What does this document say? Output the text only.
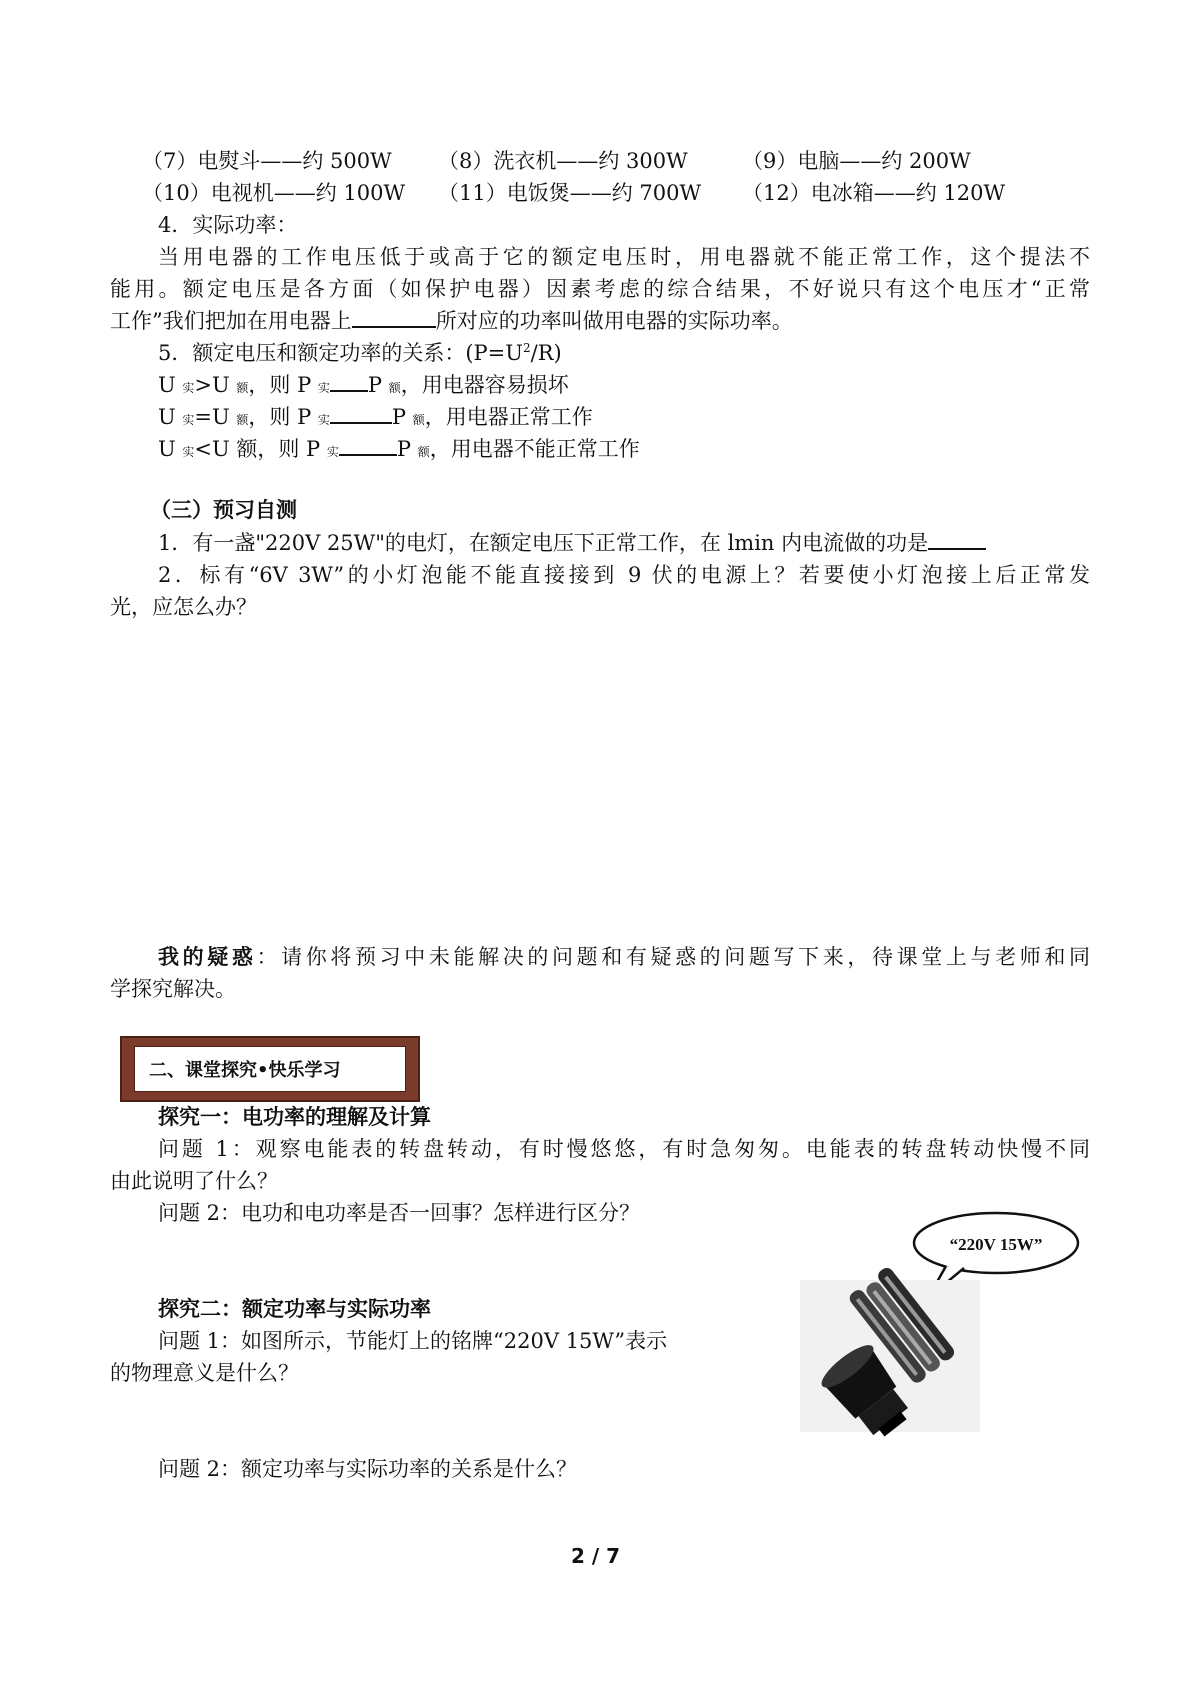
（7）电熨斗——约 500W （8）洗衣机——约 300W	（9）电脑——约 200W
（10）电视机——约 100W （11）电饭煲——约 700W （12）电冰箱——约 120W
4．实际功率：
当用电器的工作电压低于或高于它的额定电压时，用电器就不能正常工作，这个提法不
能用。额定电压是各方面（如保护电器）因素考虑的综合结果，不好说只有这个电压才“正常
工作”我们把加在用电器上	所对应的功率叫做用电器的实际功率。
5．额定电压和额定功率的关系：$(P=U^2/R)$
U 实>U 额，则 P 实 P 额，用电器容易损坏
U 实=U 额，则 P 实	P 额，用电器正常工作
U 实<U 额，则 P 实	P 额，用电器不能正常工作
（三）预习自测
1．有一盏"220V 25W"的电灯，在额定电压下正常工作，在 lmin 内电流做的功是
2．标有“6V 3W”的小灯泡能不能直接接到 9 伏的电源上？若要使小灯泡接上后正常发
光，应怎么办？
我的疑惑：请你将预习中未能解决的问题和有疑惑的问题写下来，待课堂上与老师和同
学探究解决。
二、课堂探究•快乐学习
探究一：电功率的理解及计算
问题 1：观察电能表的转盘转动，有时慢悠悠，有时急匆匆。电能表的转盘转动快慢不同
由此说明了什么？
问题 2：电功和电功率是否一回事？怎样进行区分？
探究二：额定功率与实际功率
问题 1：如图所示，节能灯上的铭牌“220V 15W”表示
的物理意义是什么？
问题 2：额定功率与实际功率的关系是什么？
“220V 15W”
2 / 7
